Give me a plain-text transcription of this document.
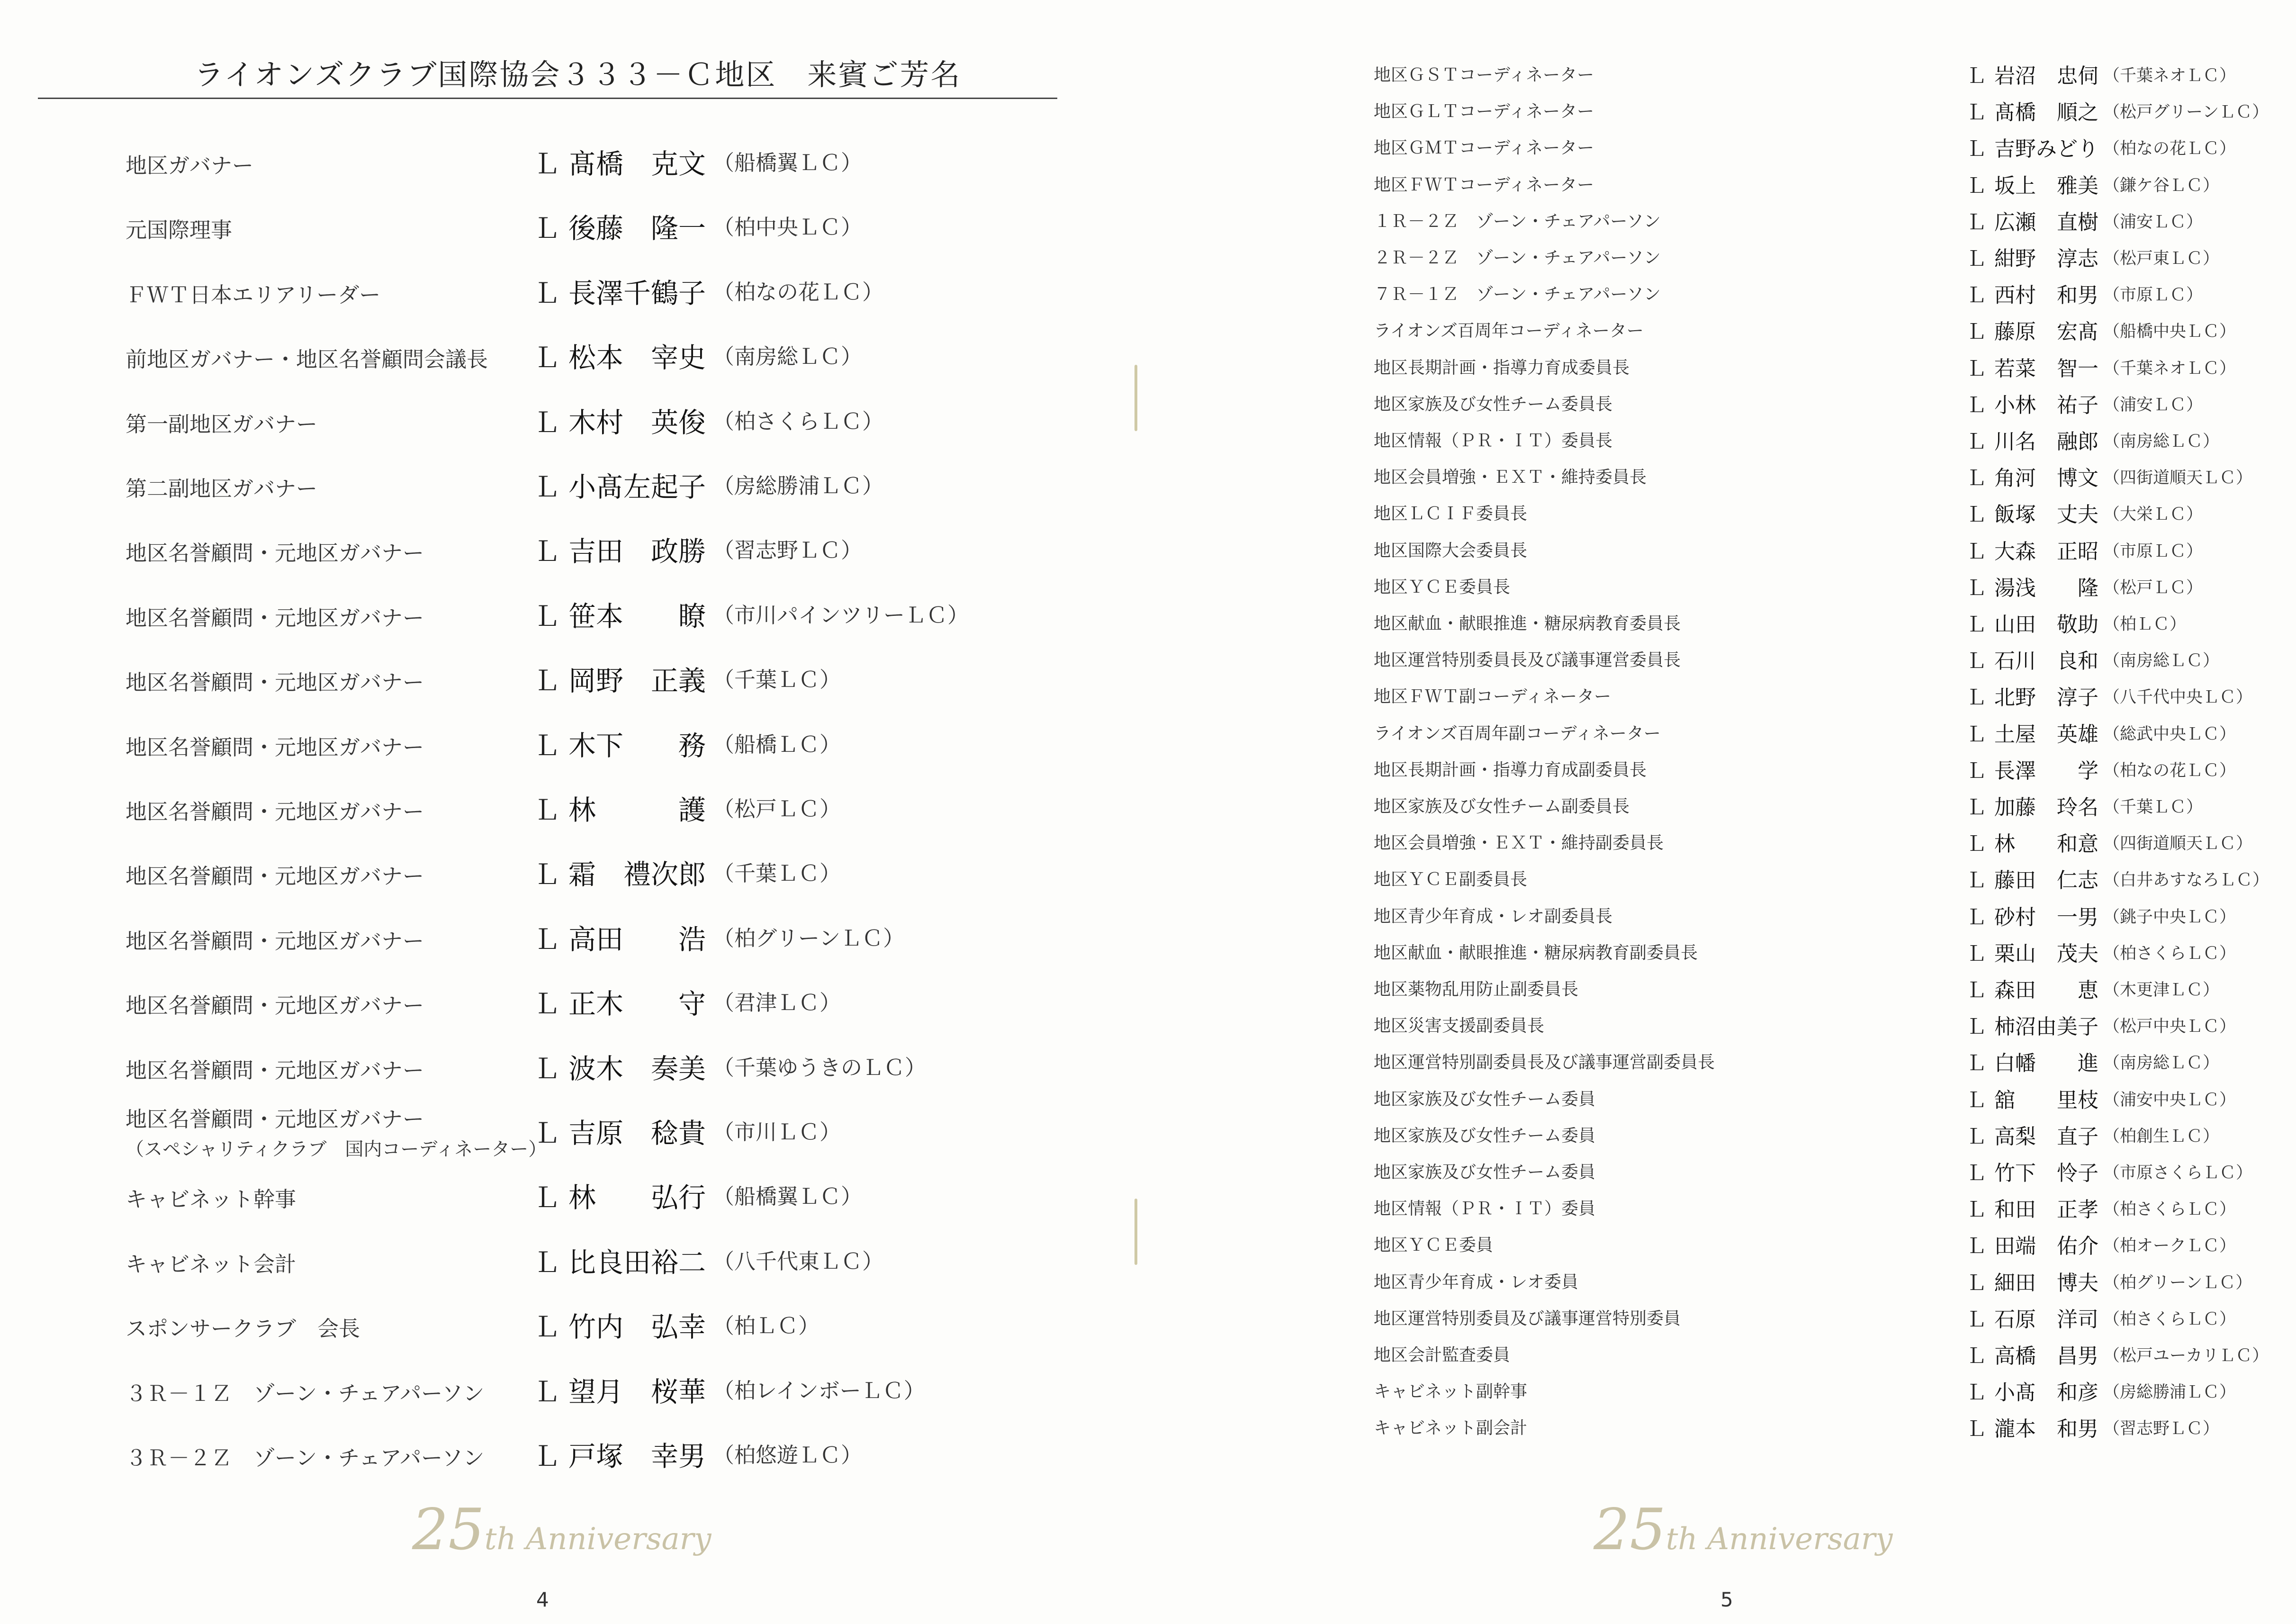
ライオンズクラブ国際協会３３３－Ｃ地区　来賓ご芳名
地区ガバナー	Ｌ 髙橋　克文 （船橋翼ＬＣ）
元国際理事	Ｌ 後藤　隆一 （柏中央ＬＣ）
ＦＷＴ日本エリアリーダー	Ｌ 長澤千鶴子 （柏なの花ＬＣ）
前地区ガバナー・地区名誉顧問会議長 Ｌ 松本　宰史 （南房総ＬＣ）
第一副地区ガバナー	Ｌ 木村　英俊 （柏さくらＬＣ）
第二副地区ガバナー	Ｌ 小髙左起子 （房総勝浦ＬＣ）
地区名誉顧問・元地区ガバナー	Ｌ 吉田　政勝 （習志野ＬＣ）
地区名誉顧問・元地区ガバナー	Ｌ 笹本　　瞭 （市川パインツリーＬＣ）
地区名誉顧問・元地区ガバナー	Ｌ 岡野　正義 （千葉ＬＣ）
地区名誉顧問・元地区ガバナー	Ｌ 木下　　務 （船橋ＬＣ）
地区名誉顧問・元地区ガバナー	Ｌ 林　　　護 （松戸ＬＣ）
地区名誉顧問・元地区ガバナー	Ｌ 霜　禮次郎 （千葉ＬＣ）
地区名誉顧問・元地区ガバナー	Ｌ 高田　　浩 （柏グリーンＬＣ）
地区名誉顧問・元地区ガバナー	Ｌ 正木　　守 （君津ＬＣ）
地区名誉顧問・元地区ガバナー	Ｌ 波木　奏美 （千葉ゆうきのＬＣ）
地区名誉顧問・元地区ガバナー
（スペシャリティクラブ　国内コーディネーター）
Ｌ 吉原　稔貴 （市川ＬＣ）
キャビネット幹事	Ｌ 林　　弘行 （船橋翼ＬＣ）
キャビネット会計	Ｌ 比良田裕二 （八千代東ＬＣ）
スポンサークラブ　会長	Ｌ 竹内　弘幸 （柏ＬＣ）
３Ｒ－１Ｚ　ゾーン・チェアパーソン Ｌ 望月　桜華 （柏レインボーＬＣ）
３Ｒ－２Ｚ　ゾーン・チェアパーソン Ｌ 戸塚　幸男 （柏悠遊ＬＣ）
25th Anniversary
4
地区ＧＳＴコーディネーター	Ｌ 岩沼　忠伺 （千葉ネオＬＣ）
地区ＧＬＴコーディネーター	Ｌ 髙橋　順之 （松戸グリーンＬＣ）
地区ＧＭＴコーディネーター	Ｌ 吉野みどり （柏なの花ＬＣ）
地区ＦＷＴコーディネーター	Ｌ 坂上　雅美 （鎌ケ谷ＬＣ）
１Ｒ－２Ｚ　ゾーン・チェアパーソン	Ｌ 広瀬　直樹 （浦安ＬＣ）
２Ｒ－２Ｚ　ゾーン・チェアパーソン	Ｌ 紺野　淳志 （松戸東ＬＣ）
７Ｒ－１Ｚ　ゾーン・チェアパーソン	Ｌ 西村　和男 （市原ＬＣ）
ライオンズ百周年コーディネーター	Ｌ 藤原　宏髙 （船橋中央ＬＣ）
地区長期計画・指導力育成委員長	Ｌ 若菜　智一 （千葉ネオＬＣ）
地区家族及び女性チーム委員長	Ｌ 小林　祐子 （浦安ＬＣ）
地区情報（ＰＲ・ＩＴ）委員長	Ｌ 川名　融郎 （南房総ＬＣ）
地区会員増強・ＥＸＴ・維持委員長	Ｌ 角河　博文 （四街道順天ＬＣ）
地区ＬＣＩＦ委員長	Ｌ 飯塚　丈夫 （大栄ＬＣ）
地区国際大会委員長	Ｌ 大森　正昭 （市原ＬＣ）
地区ＹＣＥ委員長	Ｌ 湯浅　　隆 （松戸ＬＣ）
地区献血・献眼推進・糖尿病教育委員長	Ｌ 山田　敬助 （柏ＬＣ）
地区運営特別委員長及び議事運営委員長	Ｌ 石川　良和 （南房総ＬＣ）
地区ＦＷＴ副コーディネーター	Ｌ 北野　淳子 （八千代中央ＬＣ）
ライオンズ百周年副コーディネーター	Ｌ 土屋　英雄 （総武中央ＬＣ）
地区長期計画・指導力育成副委員長	Ｌ 長澤　　学 （柏なの花ＬＣ）
地区家族及び女性チーム副委員長	Ｌ 加藤　玲名 （千葉ＬＣ）
地区会員増強・ＥＸＴ・維持副委員長	Ｌ 林　　和意 （四街道順天ＬＣ）
地区ＹＣＥ副委員長	Ｌ 藤田　仁志 （白井あすなろＬＣ）
地区青少年育成・レオ副委員長	Ｌ 砂村　一男 （銚子中央ＬＣ）
地区献血・献眼推進・糖尿病教育副委員長	Ｌ 栗山　茂夫 （柏さくらＬＣ）
地区薬物乱用防止副委員長	Ｌ 森田　　恵 （木更津ＬＣ）
地区災害支援副委員長	Ｌ 柿沼由美子 （松戸中央ＬＣ）
地区運営特別副委員長及び議事運営副委員長	Ｌ 白幡　　進 （南房総ＬＣ）
地区家族及び女性チーム委員	Ｌ 舘　　里枝 （浦安中央ＬＣ）
地区家族及び女性チーム委員	Ｌ 高梨　直子 （柏創生ＬＣ）
地区家族及び女性チーム委員	Ｌ 竹下　怜子 （市原さくらＬＣ）
地区情報（ＰＲ・ＩＴ）委員	Ｌ 和田　正孝 （柏さくらＬＣ）
地区ＹＣＥ委員	Ｌ 田端　佑介 （柏オークＬＣ）
地区青少年育成・レオ委員	Ｌ 細田　博夫 （柏グリーンＬＣ）
地区運営特別委員及び議事運営特別委員	Ｌ 石原　洋司 （柏さくらＬＣ）
地区会計監査委員	Ｌ 高橋　昌男 （松戸ユーカリＬＣ）
キャビネット副幹事	Ｌ 小髙　和彦 （房総勝浦ＬＣ）
キャビネット副会計	Ｌ 瀧本　和男 （習志野ＬＣ）
25th Anniversary
5
